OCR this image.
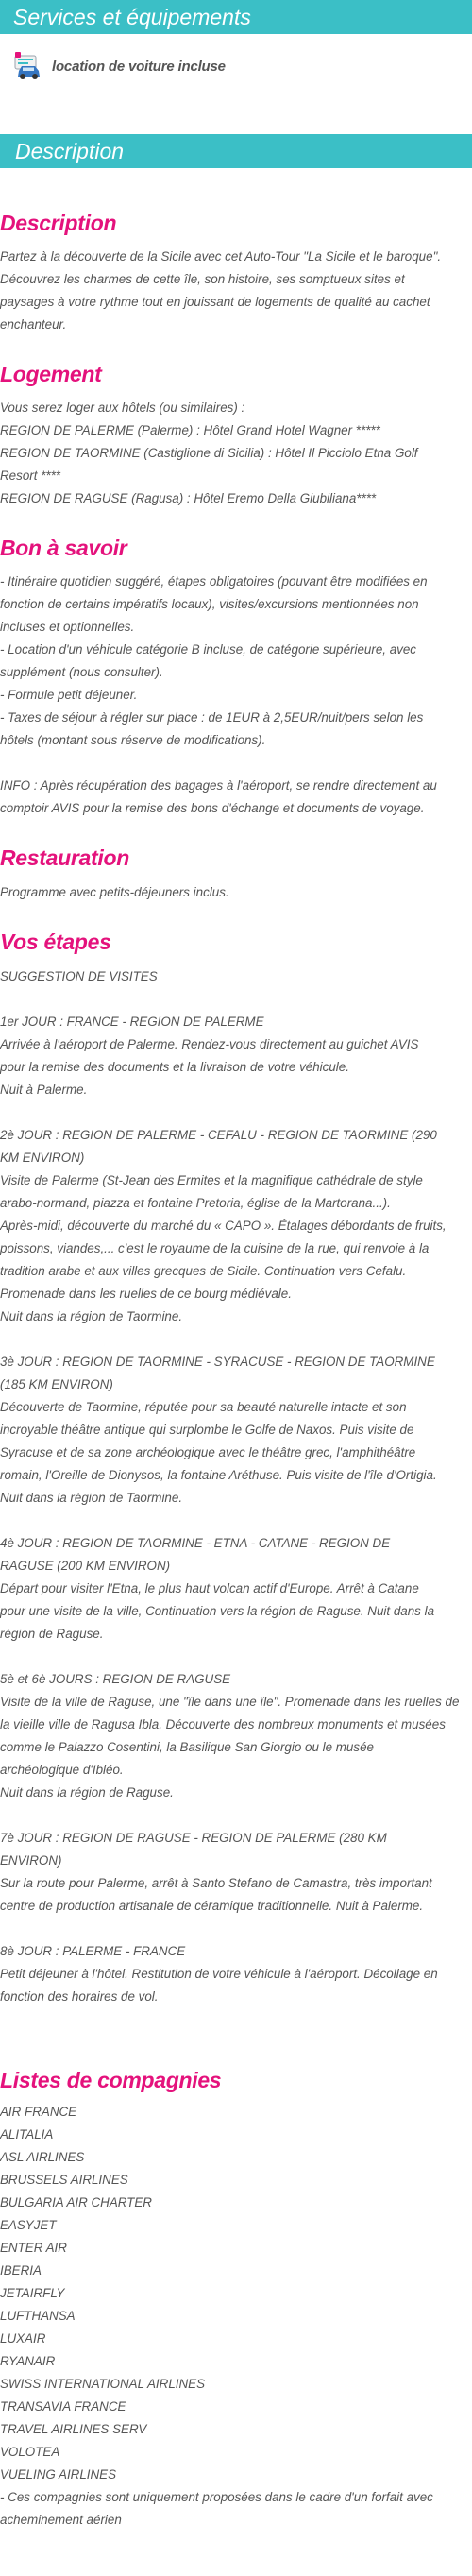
Services et équipements
location de voiture incluse
Description
Description

Partez à la découverte de la Sicile avec cet Auto-Tour "La Sicile et le baroque".

Découvrez les charmes de cette île, son histoire, ses somptueux sites et

paysages à votre rythme tout en jouissant de logements de qualité au cachet

enchanteur.

Logement

Vous serez loger aux hôtels (ou similaires) :

REGION DE PALERME (Palerme) : Hôtel Grand Hotel Wagner *****

REGION DE TAORMINE (Castiglione di Sicilia) : Hôtel Il Picciolo Etna Golf

Resort ****

REGION DE RAGUSE (Ragusa) : Hôtel Eremo Della Giubiliana****

Bon à savoir

- Itinéraire quotidien suggéré, étapes obligatoires (pouvant être modifiées en

fonction de certains impératifs locaux), visites/excursions mentionnées non

incluses et optionnelles.

- Location d'un véhicule catégorie B incluse, de catégorie supérieure, avec

supplément (nous consulter).

- Formule petit déjeuner.

- Taxes de séjour à régler sur place : de 1EUR à 2,5EUR/nuit/pers selon les

hôtels (montant sous réserve de modifications).

INFO : Après récupération des bagages à l'aéroport, se rendre directement au

comptoir AVIS pour la remise des bons d'échange et documents de voyage.

Restauration

Programme avec petits-déjeuners inclus.

Vos étapes

SUGGESTION DE VISITES

1er JOUR : FRANCE - REGION DE PALERME

Arrivée à l'aéroport de Palerme. Rendez-vous directement au guichet AVIS

pour la remise des documents et la livraison de votre véhicule.

Nuit à Palerme.

2è JOUR : REGION DE PALERME - CEFALU - REGION DE TAORMINE (290

KM ENVIRON)

Visite de Palerme (St-Jean des Ermites et la magnifique cathédrale de style

arabo-normand, piazza et fontaine Pretoria, église de la Martorana...).

Après-midi, découverte du marché du « CAPO ». Étalages débordants de fruits,

poissons, viandes,... c'est le royaume de la cuisine de la rue, qui renvoie à la

tradition arabe et aux villes grecques de Sicile. Continuation vers Cefalu.

Promenade dans les ruelles de ce bourg médiévale.

Nuit dans la région de Taormine.

3è JOUR : REGION DE TAORMINE - SYRACUSE - REGION DE TAORMINE

(185 KM ENVIRON)

Découverte de Taormine, réputée pour sa beauté naturelle intacte et son

incroyable théâtre antique qui surplombe le Golfe de Naxos. Puis visite de

Syracuse et de sa zone archéologique avec le théâtre grec, l'amphithéâtre

romain, l'Oreille de Dionysos, la fontaine Aréthuse. Puis visite de l'île d'Ortigia.

Nuit dans la région de Taormine.

4è JOUR : REGION DE TAORMINE - ETNA - CATANE - REGION DE

RAGUSE (200 KM ENVIRON)

Départ pour visiter l'Etna, le plus haut volcan actif d'Europe. Arrêt à Catane

pour une visite de la ville, Continuation vers la région de Raguse. Nuit dans la

région de Raguse.

5è et 6è JOURS : REGION DE RAGUSE

Visite de la ville de Raguse, une "île dans une île". Promenade dans les ruelles de

la vieille ville de Ragusa Ibla. Découverte des nombreux monuments et musées

comme le Palazzo Cosentini, la Basilique San Giorgio ou le musée

archéologique d'Ibléo.

Nuit dans la région de Raguse.

7è JOUR : REGION DE RAGUSE - REGION DE PALERME (280 KM

ENVIRON)

Sur la route pour Palerme, arrêt à Santo Stefano de Camastra, très important

centre de production artisanale de céramique traditionnelle. Nuit à Palerme.

8è JOUR : PALERME - FRANCE

Petit déjeuner à l'hôtel. Restitution de votre véhicule à l'aéroport. Décollage en

fonction des horaires de vol.

Listes de compagnies

AIR FRANCE

ALITALIA

ASL AIRLINES

BRUSSELS AIRLINES

BULGARIA AIR CHARTER

EASYJET

ENTER AIR

IBERIA

JETAIRFLY

LUFTHANSA

LUXAIR

RYANAIR

SWISS INTERNATIONAL AIRLINES

TRANSAVIA FRANCE

TRAVEL AIRLINES SERV

VOLOTEA

VUELING AIRLINES

- Ces compagnies sont uniquement proposées dans le cadre d'un forfait avec

acheminement aérien
